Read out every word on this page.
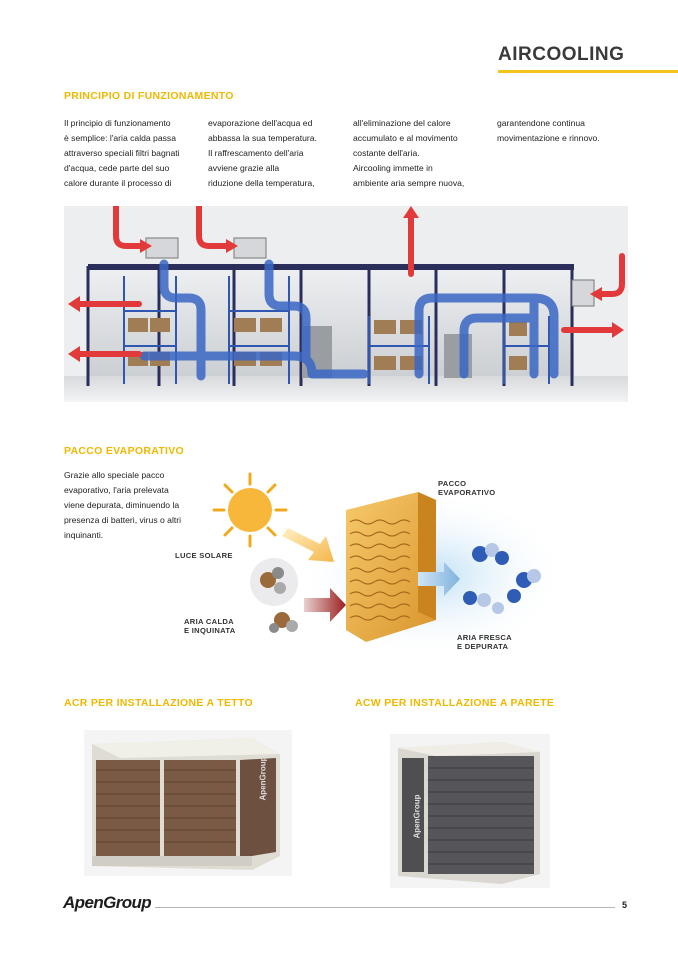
AIRCOOLING
PRINCIPIO DI FUNZIONAMENTO
Il principio di funzionamento
è semplice: l'aria calda passa
attraverso speciali filtri bagnati
d'acqua, cede parte del suo
calore durante il processo di
evaporazione dell'acqua ed
abbassa la sua temperatura.
Il raffrescamento dell'aria
avviene grazie alla
riduzione della temperatura,
all'eliminazione del calore
accumulato e al movimento
costante dell'aria.
Aircooling immette in
ambiente aria sempre nuova,
garantendone continua
movimentazione e rinnovo.
PACCO EVAPORATIVO
Grazie allo speciale pacco
evaporativo, l'aria prelevata
viene depurata, diminuendo la
presenza di batteri, virus o altri
inquinanti.
PACCO
EVAPORATIVO
LUCE SOLARE
ARIA CALDA
E INQUINATA
ARIA FRESCA
E DEPURATA
ACR PER INSTALLAZIONE A TETTO	ACW PER INSTALLAZIONE A PARETE
ApenGroup
ApenGroup
ApenGroup	5
